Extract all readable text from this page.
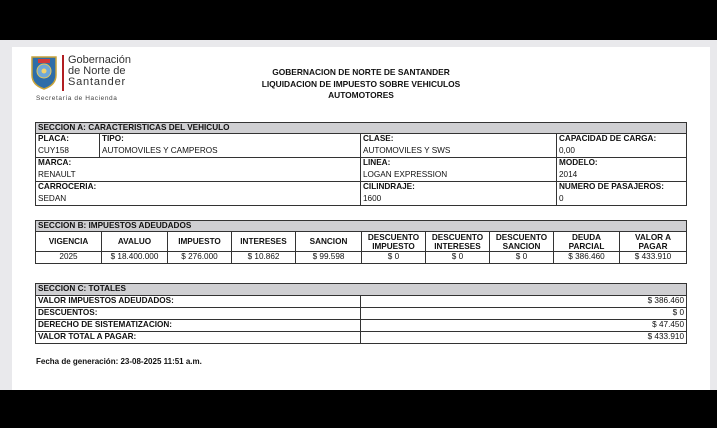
Gobernación
de Norte de
Santander
Secretaría de Hacienda
GOBERNACION DE NORTE DE SANTANDER
LIQUIDACION DE IMPUESTO SOBRE VEHICULOS
AUTOMOTORES
SECCION A: CARACTERISTICAS DEL VEHICULO			
PLACA:	TIPO:	CLASE:	CAPACIDAD DE CARGA:
CUY158	AUTOMOVILES Y CAMPEROS	AUTOMOVILES Y SWS	0,00
MARCA:		LINEA:	MODELO:
RENAULT		LOGAN EXPRESSION	2014
CARROCERIA:		CILINDRAJE:	NUMERO DE PASAJEROS:
SEDAN		1600	0
SECCION B: IMPUESTOS ADEUDADOS									
VIGENCIA	AVALUO	IMPUESTO	INTERESES	SANCION	DESCUENTO IMPUESTO	DESCUENTO INTERESES	DESCUENTO SANCION	DEUDA PARCIAL	VALOR A PAGAR
2025	$ 18.400.000	$ 276.000	$ 10.862	$ 99.598	$ 0	$ 0	$ 0	$ 386.460	$ 433.910
SECCION C: TOTALES	
VALOR IMPUESTOS ADEUDADOS:	$ 386.460
DESCUENTOS:	$ 0
DERECHO DE SISTEMATIZACION:	$ 47.450
VALOR TOTAL A PAGAR:	$ 433.910
Fecha de generación: 23-08-2025 11:51 a.m.
